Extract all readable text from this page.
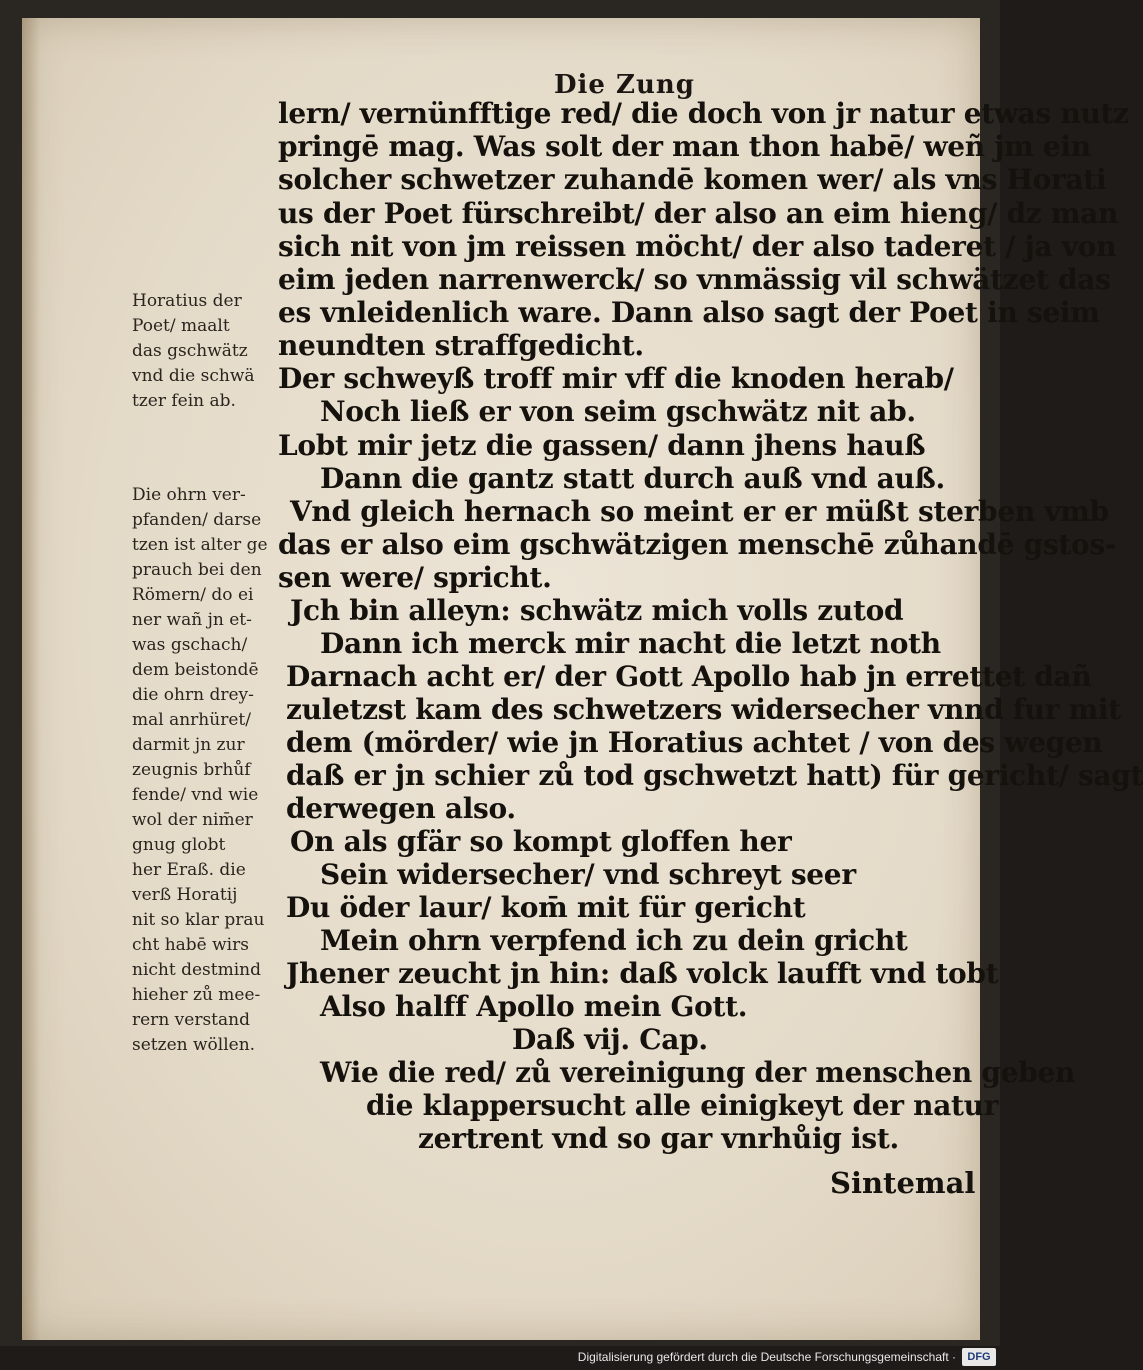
Die Zung
lern/ vernünfftige red/ die doch von jr natur etwas nutz
pringē mag. Was solt der man thon habē/ weñ jm ein
solcher schwetzer zuhandē komen wer/ als vns Horati
us der Poet fürschreibt/ der also an eim hieng/ dz man
sich nit von jm reissen möcht/ der also taderet / ja von
eim jeden narrenwerck/ so vnmässig vil schwätzet das
es vnleidenlich ware. Dann also sagt der Poet in seim
neundten straffgedicht.
Der schweyß troff mir vff die knoden herab/
Noch ließ er von seim gschwätz nit ab.
Lobt mir jetz die gassen/ dann jhens hauß
Dann die gantz statt durch auß vnd auß.
Vnd gleich hernach so meint er er müßt sterben vmb
das er also eim gschwätzigen menschē zůhandē gstos-
sen were/ spricht.
Jch bin alleyn: schwätz mich volls zutod
Dann ich merck mir nacht die letzt noth
Darnach acht er/ der Gott Apollo hab jn errettet dañ
zuletzst kam des schwetzers widersecher vnnd fur mit
dem (mörder/ wie jn Horatius achtet / von des wegen
daß er jn schier zů tod gschwetzt hatt) für gericht/ sagt
derwegen also.
On als gfär so kompt gloffen her
Sein widersecher/ vnd schreyt seer
Du öder laur/ kom̄ mit für gericht
Mein ohrn verpfend ich zu dein gricht
Jhener zeucht jn hin: daß volck laufft vnd tobt
Also halff Apollo mein Gott.
Daß vij. Cap.
Wie die red/ zů vereinigung der menschen geben
die klappersucht alle einigkeyt der natur
zertrent vnd so gar vnrhůig ist.
Horatius der
Poet/ maalt
das gschwätz
vnd die schwä
tzer fein ab.
Die ohrn ver-
pfanden/ darse
tzen ist alter ge
prauch bei den
Römern/ do ei
ner wañ jn et-
was gschach/
dem beistondē
die ohrn drey-
mal anrhüret/
darmit jn zur
zeugnis brhůf
fende/ vnd wie
wol der nim̄er
gnug globt
her Eraß. die
verß Horatij
nit so klar prau
cht habē wirs
nicht destmind
hieher zů mee-
rern verstand
setzen wöllen.
Sintemal
Digitalisierung gefördert durch die Deutsche Forschungsgemeinschaft ·	DFG
